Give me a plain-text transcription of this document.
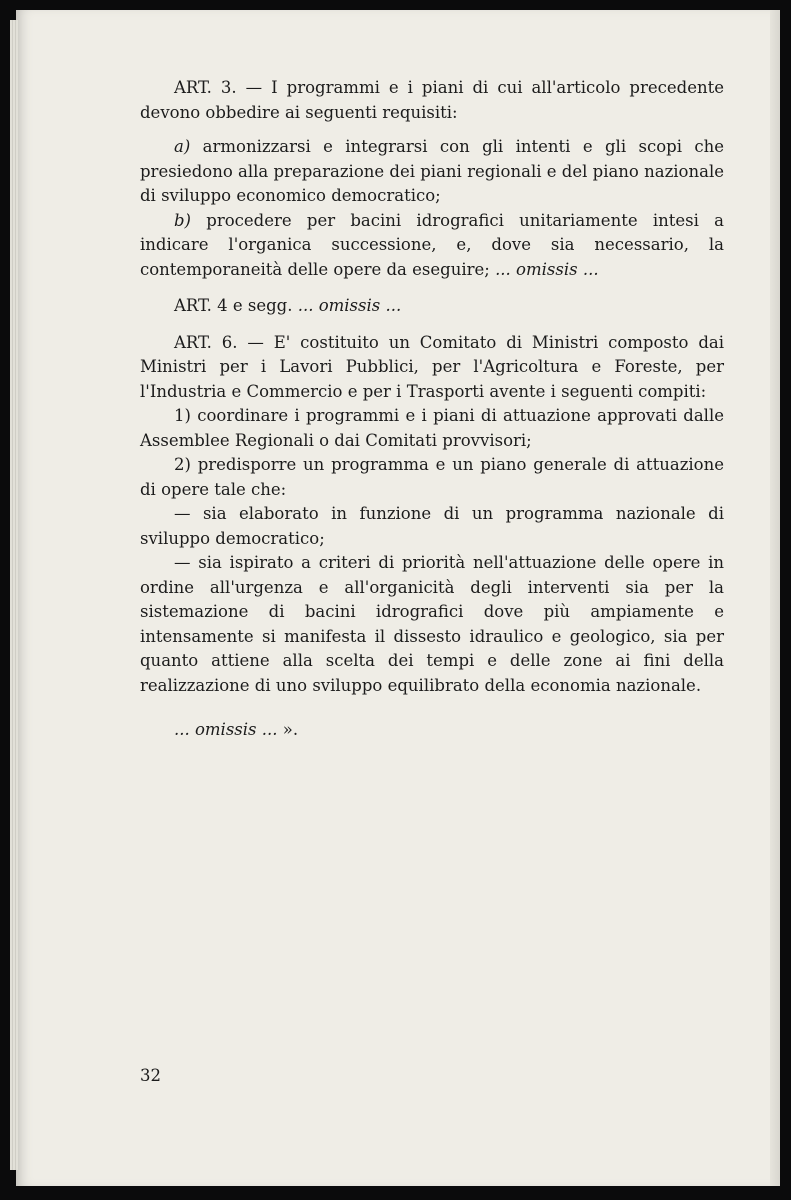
ART. 3. — I programmi e i piani di cui all'articolo precedente devono obbedire ai seguenti requisiti:

a) armonizzarsi e integrarsi con gli intenti e gli scopi che presiedono alla preparazione dei piani regionali e del piano nazionale di sviluppo economico democratico;

b) procedere per bacini idrografici unitariamente intesi a indicare l'organica successione, e, dove sia necessario, la contemporaneità delle opere da eseguire; ... omissis ...

ART. 4 e segg. ... omissis ...

ART. 6. — E' costituito un Comitato di Ministri composto dai Ministri per i Lavori Pubblici, per l'Agricoltura e Foreste, per l'Industria e Commercio e per i Trasporti avente i seguenti compiti:

1) coordinare i programmi e i piani di attuazione approvati dalle Assemblee Regionali o dai Comitati provvisori;

2) predisporre un programma e un piano generale di attuazione di opere tale che:

— sia elaborato in funzione di un programma nazionale di sviluppo democratico;

— sia ispirato a criteri di priorità nell'attuazione delle opere in ordine all'urgenza e all'organicità degli interventi sia per la sistemazione di bacini idrografici dove più ampiamente e intensamente si manifesta il dissesto idraulico e geologico, sia per quanto attiene alla scelta dei tempi e delle zone ai fini della realizzazione di uno sviluppo equilibrato della economia nazionale.

... omissis ... ».

32
